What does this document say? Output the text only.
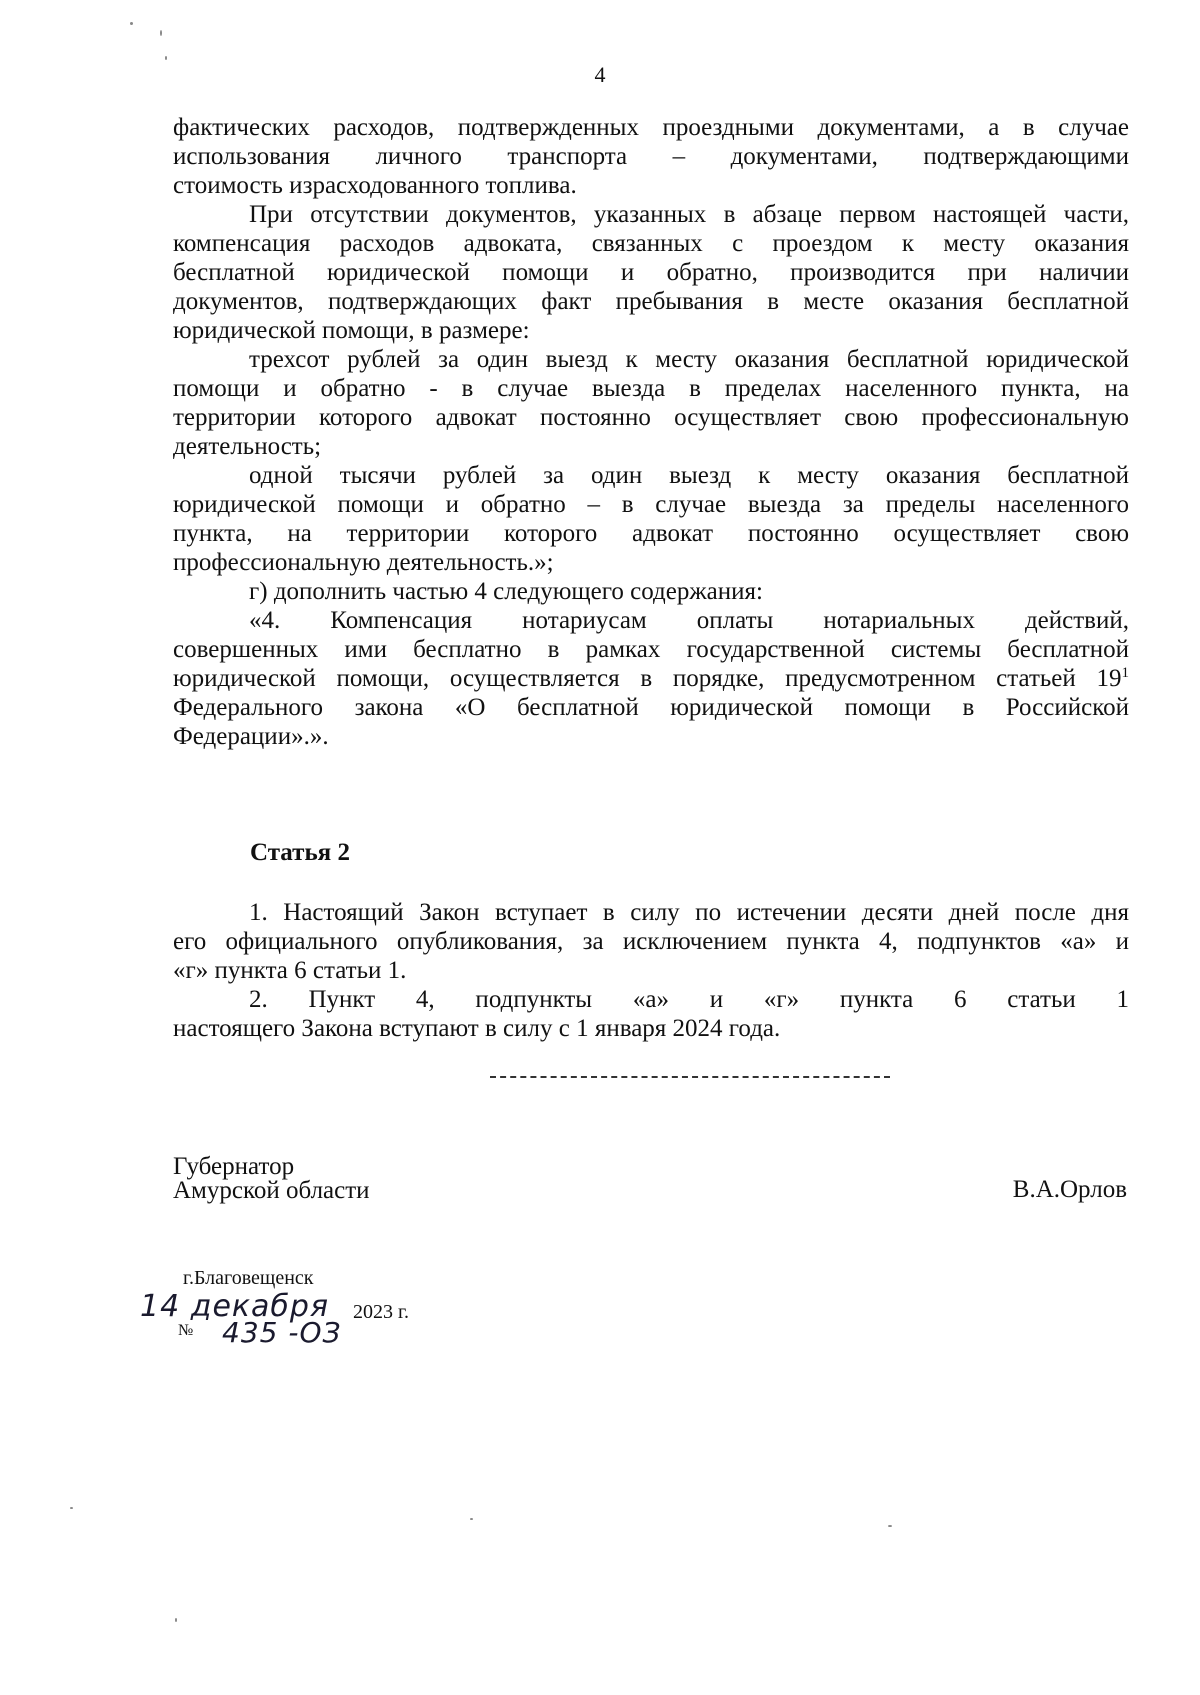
4

фактических расходов, подтвержденных проездными документами, а в случае

использования личного транспорта – документами, подтверждающими

стоимость израсходованного топлива.

При отсутствии документов, указанных в абзаце первом настоящей части,

компенсация расходов адвоката, связанных с проездом к месту оказания

бесплатной юридической помощи и обратно, производится при наличии

документов, подтверждающих факт пребывания в месте оказания бесплатной

юридической помощи, в размере:

трехсот рублей за один выезд к месту оказания бесплатной юридической

помощи и обратно - в случае выезда в пределах населенного пункта, на

территории которого адвокат постоянно осуществляет свою профессиональную

деятельность;

одной тысячи рублей за один выезд к месту оказания бесплатной

юридической помощи и обратно – в случае выезда за пределы населенного

пункта, на территории которого адвокат постоянно осуществляет свою

профессиональную деятельность.»;

г) дополнить частью 4 следующего содержания:

«4. Компенсация нотариусам оплаты нотариальных действий,

совершенных ими бесплатно в рамках государственной системы бесплатной

юридической помощи, осуществляется в порядке, предусмотренном статьей $19^1$

Федерального закона «О бесплатной юридической помощи в Российской

Федерации».».

Статья 2

1. Настоящий Закон вступает в силу по истечении десяти дней после дня

его официального опубликования, за исключением пункта 4, подпунктов «а» и

«г» пункта 6 статьи 1.

2. Пункт 4, подпункты «а» и «г» пункта 6 статьи 1

настоящего Закона вступают в силу с 1 января 2024 года.

Губернатор
Амурской области	В.А.Орлов
г.Благовещенск
14 декабря 2023 г.
№ 435 -ОЗ
